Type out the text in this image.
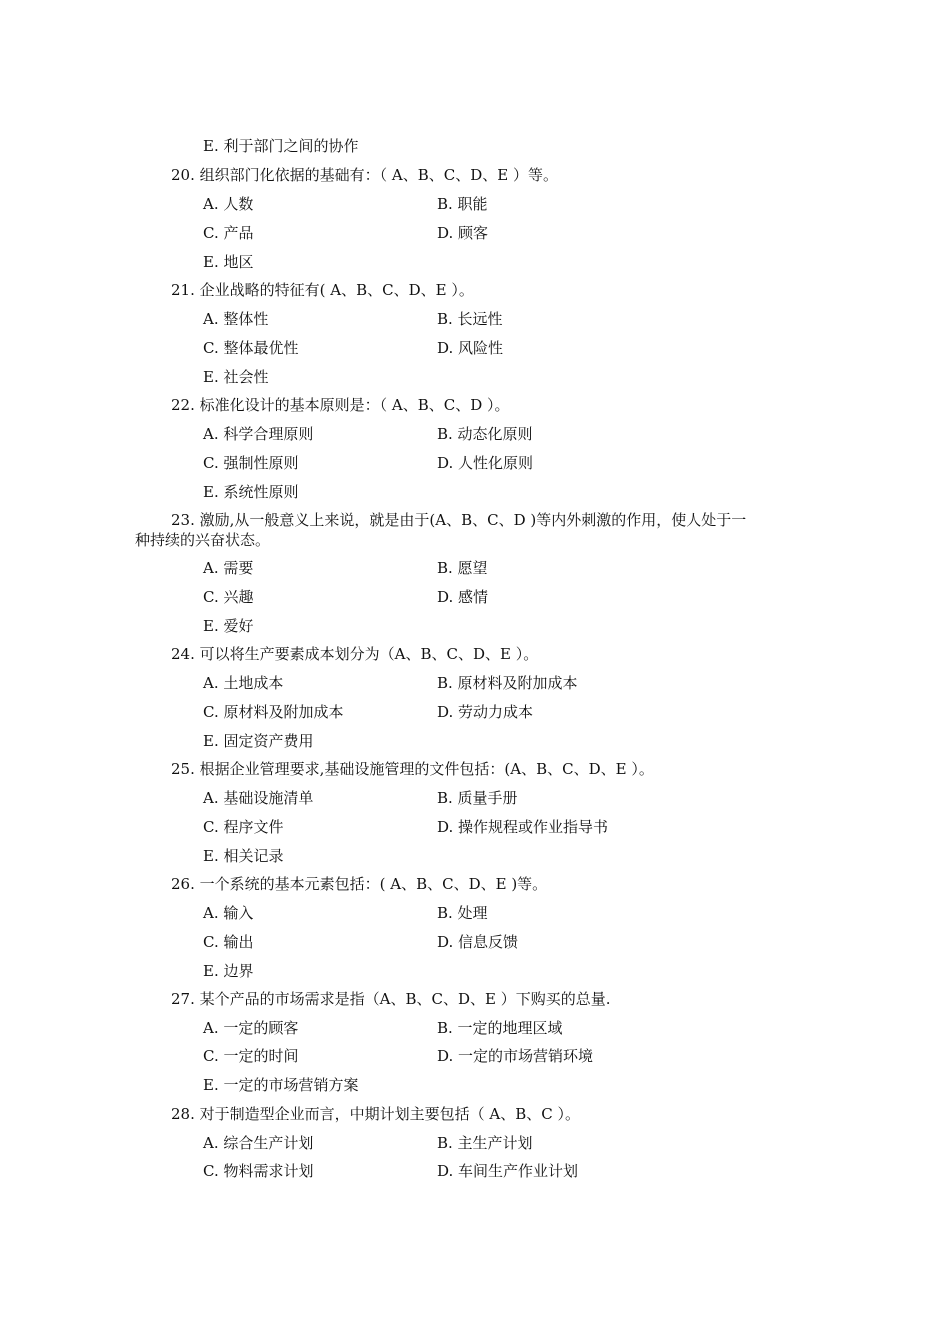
E. 利于部门之间的协作
20. 组织部门化依据的基础有：（ A、B、C、D、E ）等。
A. 人数	B. 职能
C. 产品	D. 顾客
E. 地区
21. 企业战略的特征有( A、B、C、D、E ）。
A. 整体性	B. 长远性
C. 整体最优性	D. 风险性
E. 社会性
22. 标准化设计的基本原则是：（ A、B、C、D ）。
A. 科学合理原则	B. 动态化原则
C. 强制性原则	D. 人性化原则
E. 系统性原则
23. 激励,从一般意义上来说，就是由于(A、B、C、D )等内外刺激的作用，使人处于一
种持续的兴奋状态。
A. 需要	B. 愿望
C. 兴趣	D. 感情
E. 爱好
24. 可以将生产要素成本划分为（A、B、C、D、E ）。
A. 土地成本	B. 原材料及附加成本
C. 原材料及附加成本	D. 劳动力成本
E. 固定资产费用
25. 根据企业管理要求,基础设施管理的文件包括：(A、B、C、D、E ）。
A. 基础设施清单	B. 质量手册
C. 程序文件	D. 操作规程或作业指导书
E. 相关记录
26. 一个系统的基本元素包括：( A、B、C、D、E )等。
A. 输入	B. 处理
C. 输出	D. 信息反馈
E. 边界
27. 某个产品的市场需求是指（A、B、C、D、E ）下购买的总量.
A. 一定的顾客	B. 一定的地理区域
C. 一定的时间	D. 一定的市场营销环境
E. 一定的市场营销方案
28. 对于制造型企业而言，中期计划主要包括（ A、B、C ）。
A. 综合生产计划	B. 主生产计划
C. 物料需求计划	D. 车间生产作业计划
